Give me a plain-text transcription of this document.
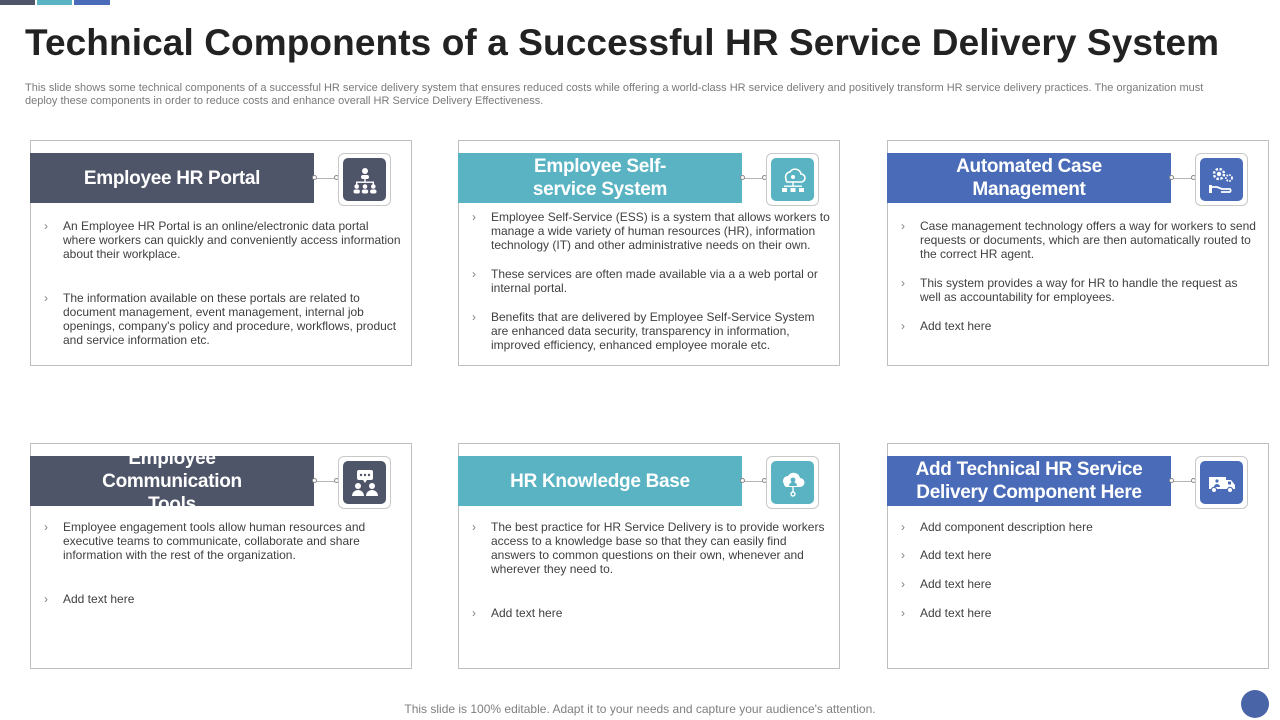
Technical Components of a Successful HR Service Delivery System
This slide shows some technical components of a successful HR service delivery system that ensures reduced costs while offering a world-class HR service delivery and positively transform HR service delivery practices. The organization must deploy these components in order to reduce costs and enhance overall HR Service Delivery Effectiveness.
Employee HR Portal
› An Employee HR Portal is an online/electronic data portal where workers can quickly and conveniently access information about their workplace.
› The information available on these portals are related to document management, event management, internal job openings, company's policy and procedure, workflows, product and service information etc.
Employee Self-service System
› Employee Self-Service (ESS) is a system that allows workers to manage a wide variety of human resources (HR), information technology (IT) and other administrative needs on their own.
› These services are often made available via a a web portal or internal portal.
› Benefits that are delivered by Employee Self-Service System are enhanced data security, transparency in information, improved efficiency, enhanced employee morale etc.
Automated Case Management
› Case management technology offers a way for workers to send requests or documents, which are then automatically routed to the correct HR agent.
› This system provides a way for HR to handle the request as well as accountability for employees.
› Add text here
Employee Communication Tools
› Employee engagement tools allow human resources and executive teams to communicate, collaborate and share information with the rest of the organization.
› Add text here
HR Knowledge Base
› The best practice for HR Service Delivery is to provide workers access to a knowledge base so that they can easily find answers to common questions on their own, whenever and wherever they need to.
› Add text here
Add Technical HR Service Delivery Component Here
› Add component description here
› Add text here
› Add text here
› Add text here
This slide is 100% editable. Adapt it to your needs and capture your audience's attention.
